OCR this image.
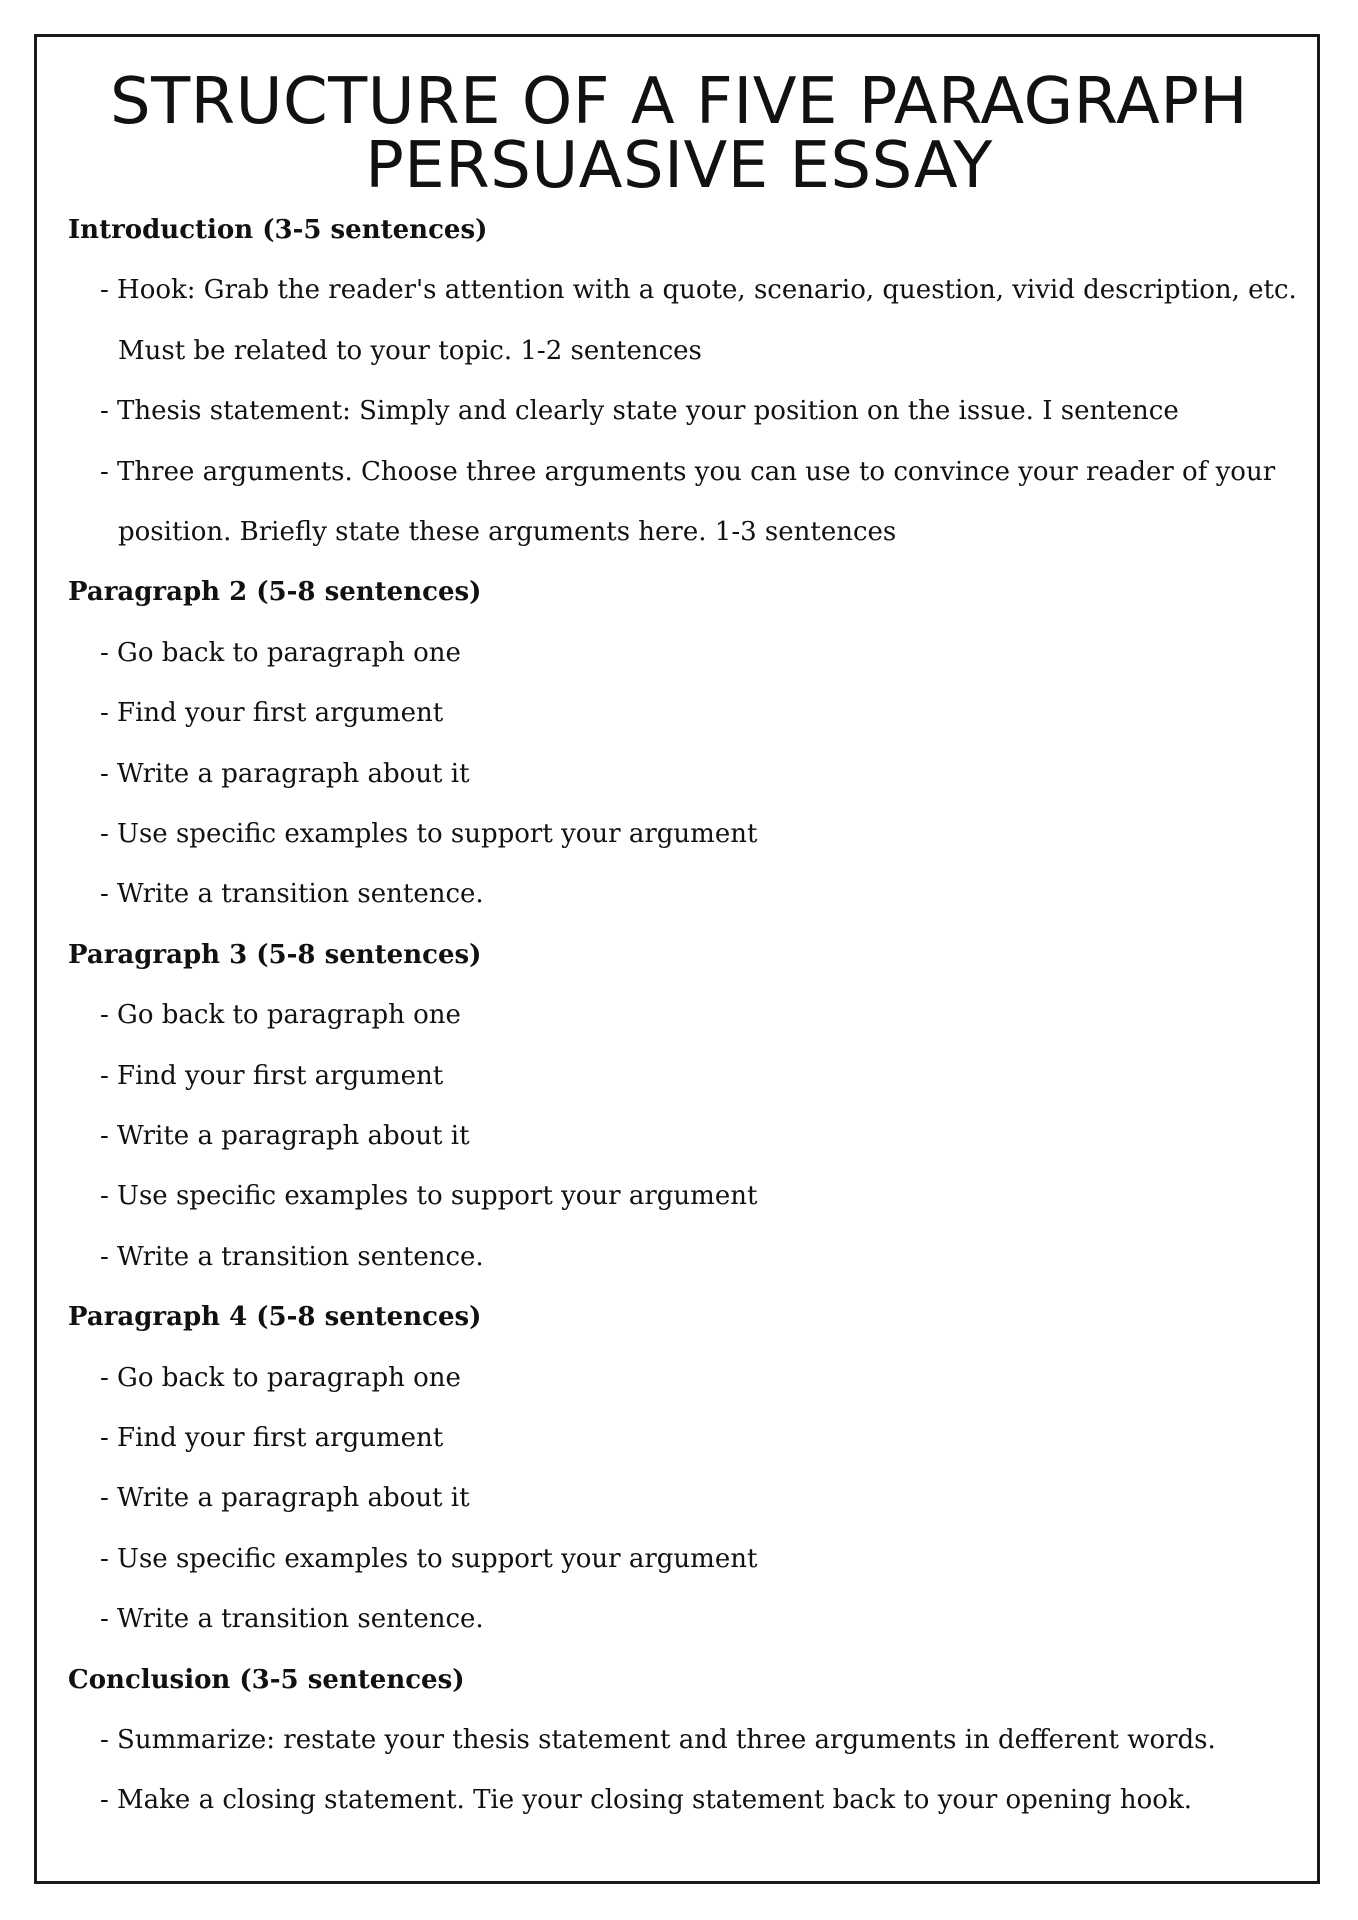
STRUCTURE OF A FIVE PARAGRAPH
PERSUASIVE ESSAY

Introduction (3-5 sentences)

- Hook: Grab the reader's attention with a quote, scenario, question, vivid description, etc. Must be related to your topic. 1-2 sentences
- Thesis statement: Simply and clearly state your position on the issue. I sentence
- Three arguments. Choose three arguments you can use to convince your reader of your position. Briefly state these arguments here. 1-3 sentences

Paragraph 2 (5-8 sentences)

- Go back to paragraph one
- Find your first argument
- Write a paragraph about it
- Use specific examples to support your argument
- Write a transition sentence.

Paragraph 3 (5-8 sentences)

- Go back to paragraph one
- Find your first argument
- Write a paragraph about it
- Use specific examples to support your argument
- Write a transition sentence.

Paragraph 4 (5-8 sentences)

- Go back to paragraph one
- Find your first argument
- Write a paragraph about it
- Use specific examples to support your argument
- Write a transition sentence.

Conclusion (3-5 sentences)

- Summarize: restate your thesis statement and three arguments in defferent words.
- Make a closing statement. Tie your closing statement back to your opening hook.
